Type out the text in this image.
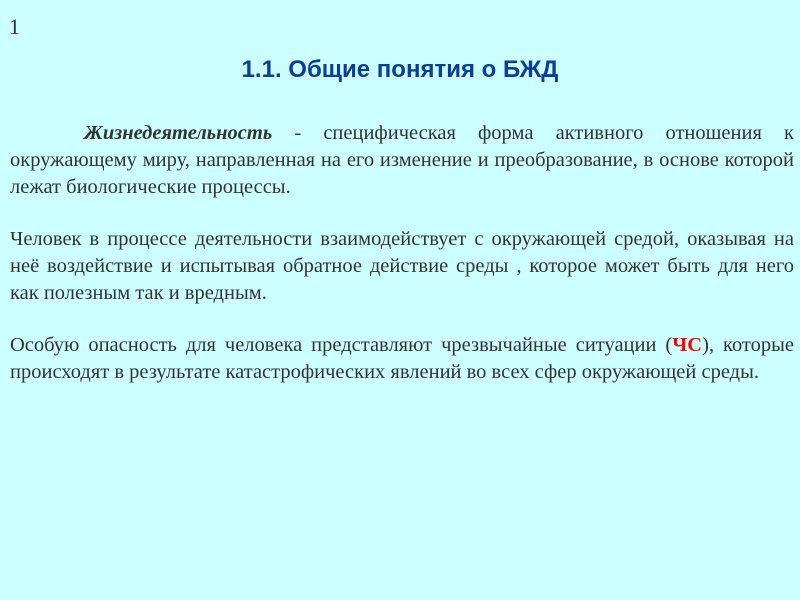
1
1.1. Общие понятия о БЖД

Жизнедеятельность - специфическая форма активного отношения к окружающему миру, направленная на его изменение и преобразование, в основе которой лежат биологические процессы.

Человек в процессе деятельности взаимодействует с окружающей средой, оказывая на неё воздействие и испытывая обратное действие среды , которое может быть для него как полезным так и вредным.

Особую опасность для человека представляют чрезвычайные ситуации (ЧС), которые происходят в результате катастрофических явлений во всех сфер окружающей среды.
